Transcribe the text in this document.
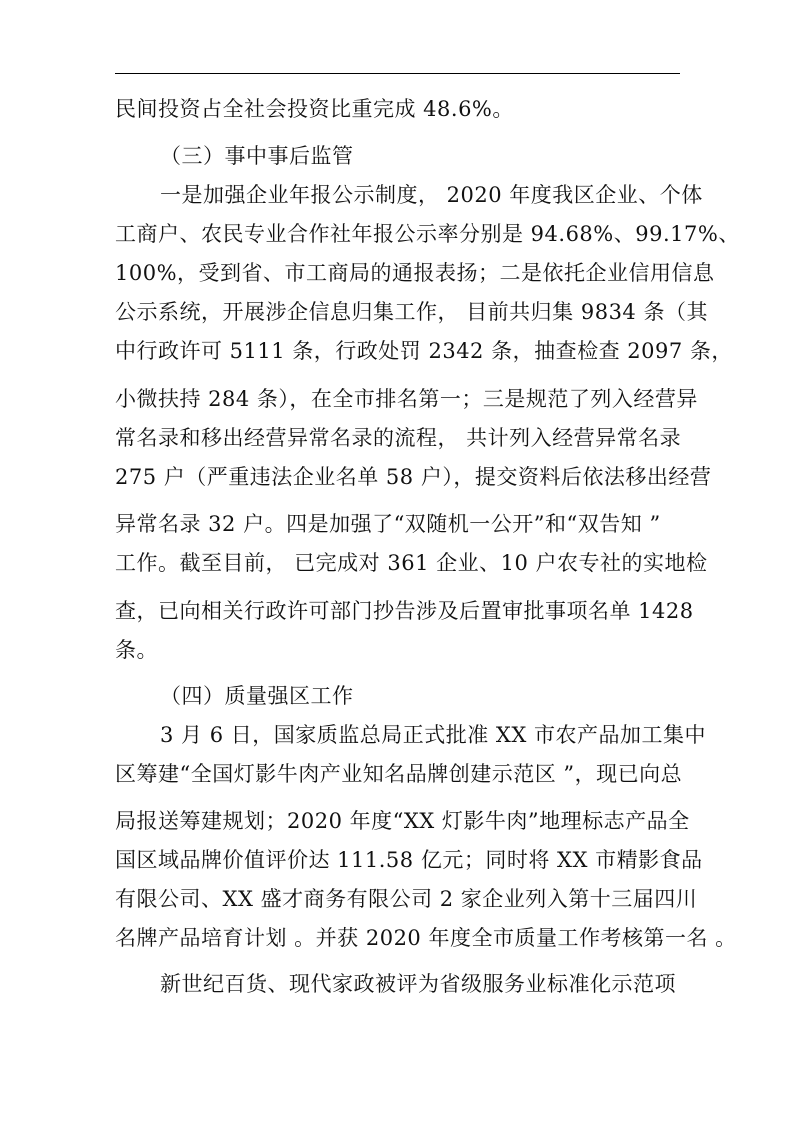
民间投资占全社会投资比重完成 48.6%。
（三）事中事后监管
一是加强企业年报公示制度， 2020 年度我区企业、个体
工商户、农民专业合作社年报公示率分别是 94.68%、99.17%、
100%，受到省、市工商局的通报表扬；二是依托企业信用信息
公示系统，开展涉企信息归集工作， 目前共归集 9834 条（其
中行政许可 5111 条，行政处罚 2342 条，抽查检查 2097 条，
小微扶持 284 条），在全市排名第一；三是规范了列入经营异
常名录和移出经营异常名录的流程， 共计列入经营异常名录
275 户（严重违法企业名单 58 户），提交资料后依法移出经营
异常名录 32 户。四是加强了“双随机一公开”和“双告知 ”
工作。截至目前， 已完成对 361 企业、10 户农专社的实地检
查，已向相关行政许可部门抄告涉及后置审批事项名单 1428
条。
（四）质量强区工作
3 月 6 日，国家质监总局正式批准 XX 市农产品加工集中
区筹建“全国灯影牛肉产业知名品牌创建示范区 ”，现已向总
局报送筹建规划；2020 年度“XX 灯影牛肉”地理标志产品全
国区域品牌价值评价达 111.58 亿元；同时将 XX 市精影食品
有限公司、XX 盛才商务有限公司 2 家企业列入第十三届四川
名牌产品培育计划 。并获 2020 年度全市质量工作考核第一名 。
新世纪百货、现代家政被评为省级服务业标准化示范项
